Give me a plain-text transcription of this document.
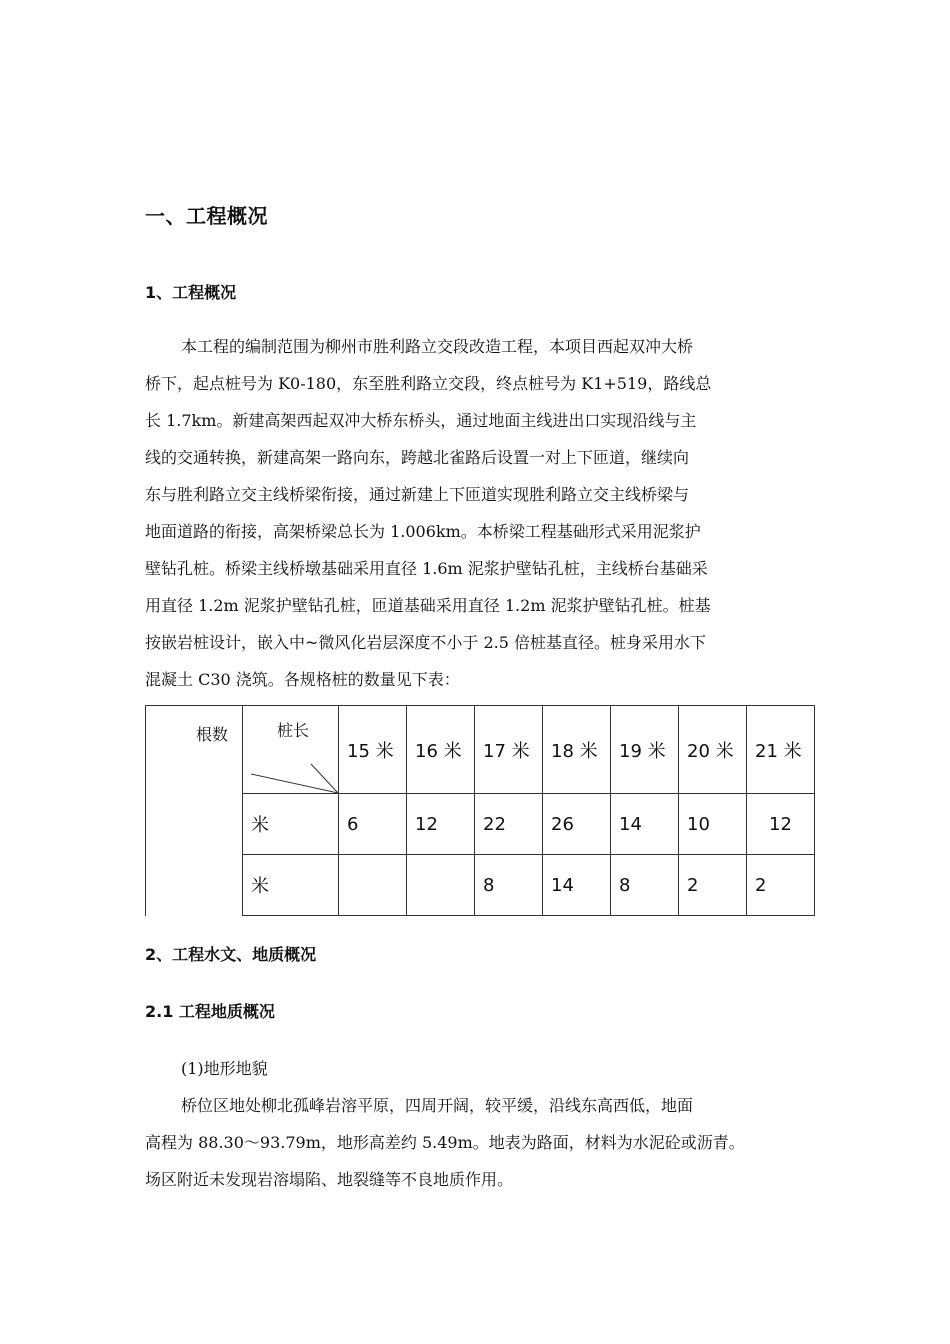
一、工程概况
1、工程概况
本工程的编制范围为柳州市胜利路立交段改造工程，本项目西起双冲大桥
桥下，起点桩号为 K0-180，东至胜利路立交段，终点桩号为 K1+519，路线总
长 1.7km。新建高架西起双冲大桥东桥头，通过地面主线进出口实现沿线与主
线的交通转换，新建高架一路向东，跨越北雀路后设置一对上下匝道，继续向
东与胜利路立交主线桥梁衔接，通过新建上下匝道实现胜利路立交主线桥梁与
地面道路的衔接，高架桥梁总长为 1.006km。本桥梁工程基础形式采用泥浆护
壁钻孔桩。桥梁主线桥墩基础采用直径 1.6m 泥浆护壁钻孔桩，主线桥台基础采
用直径 1.2m 泥浆护壁钻孔桩，匝道基础采用直径 1.2m 泥浆护壁钻孔桩。桩基
按嵌岩桩设计，嵌入中~微风化岩层深度不小于 2.5 倍桩基直径。桩身采用水下
混凝土 C30 浇筑。各规格桩的数量见下表：
根数	桩长	15 米	16 米	17 米	18 米	19 米	20 米	21 米
	米	6	12	22	26	14	10	12
	米			8	14	8	2	2
2、工程水文、地质概况
2.1 工程地质概况
(1)地形地貌
桥位区地处柳北孤峰岩溶平原，四周开阔，较平缓，沿线东高西低，地面
高程为 88.30～93.79m，地形高差约 5.49m。地表为路面，材料为水泥砼或沥青。
场区附近未发现岩溶塌陷、地裂缝等不良地质作用。
